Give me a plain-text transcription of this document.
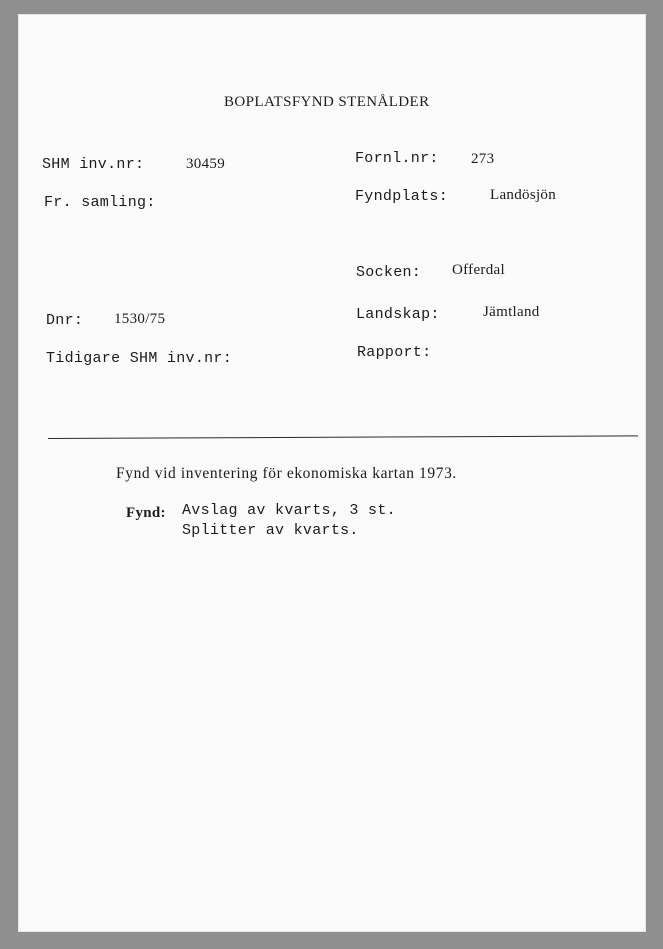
BOPLATSFYND STENÅLDER
SHM inv.nr:	30459	Fornl.nr: 273
Fr. samling:	Fyndplats:	Landösjön
Socken: Offerdal
Dnr: 1530/75	Landskap:	Jämtland
Tidigare SHM inv.nr:	Rapport:
Fynd vid inventering för ekonomiska kartan 1973.
Fynd: Avslag av kvarts, 3 st.
Splitter av kvarts.
